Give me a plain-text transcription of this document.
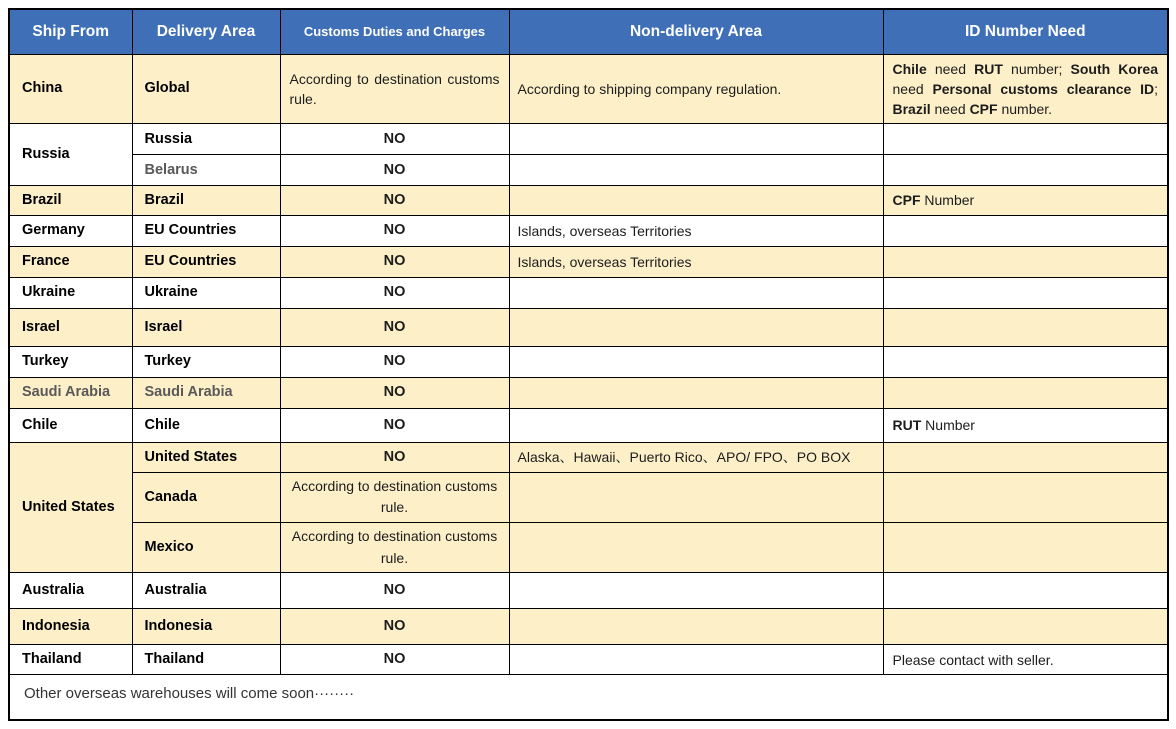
Ship From	Delivery Area	Customs Duties and Charges	Non-delivery Area	ID Number Need
China	Global	According to destination customs rule.	According to shipping company regulation.	Chile need RUT number; South Korea need Personal customs clearance ID; Brazil need CPF number.
Russia	Russia	NO		
	Belarus	NO		
Brazil	Brazil	NO		CPF Number
Germany	EU Countries	NO	Islands, overseas Territories	
France	EU Countries	NO	Islands, overseas Territories	
Ukraine	Ukraine	NO		
Israel	Israel	NO		
Turkey	Turkey	NO		
Saudi Arabia	Saudi Arabia	NO		
Chile	Chile	NO		RUT Number
United States	United States	NO	Alaska、Hawaii、Puerto Rico、APO/ FPO、PO BOX	
	Canada	According to destination customs rule.		
	Mexico	According to destination customs rule.		
Australia	Australia	NO		
Indonesia	Indonesia	NO		
Thailand	Thailand	NO		Please contact with seller.
Other overseas warehouses will come soon········				
